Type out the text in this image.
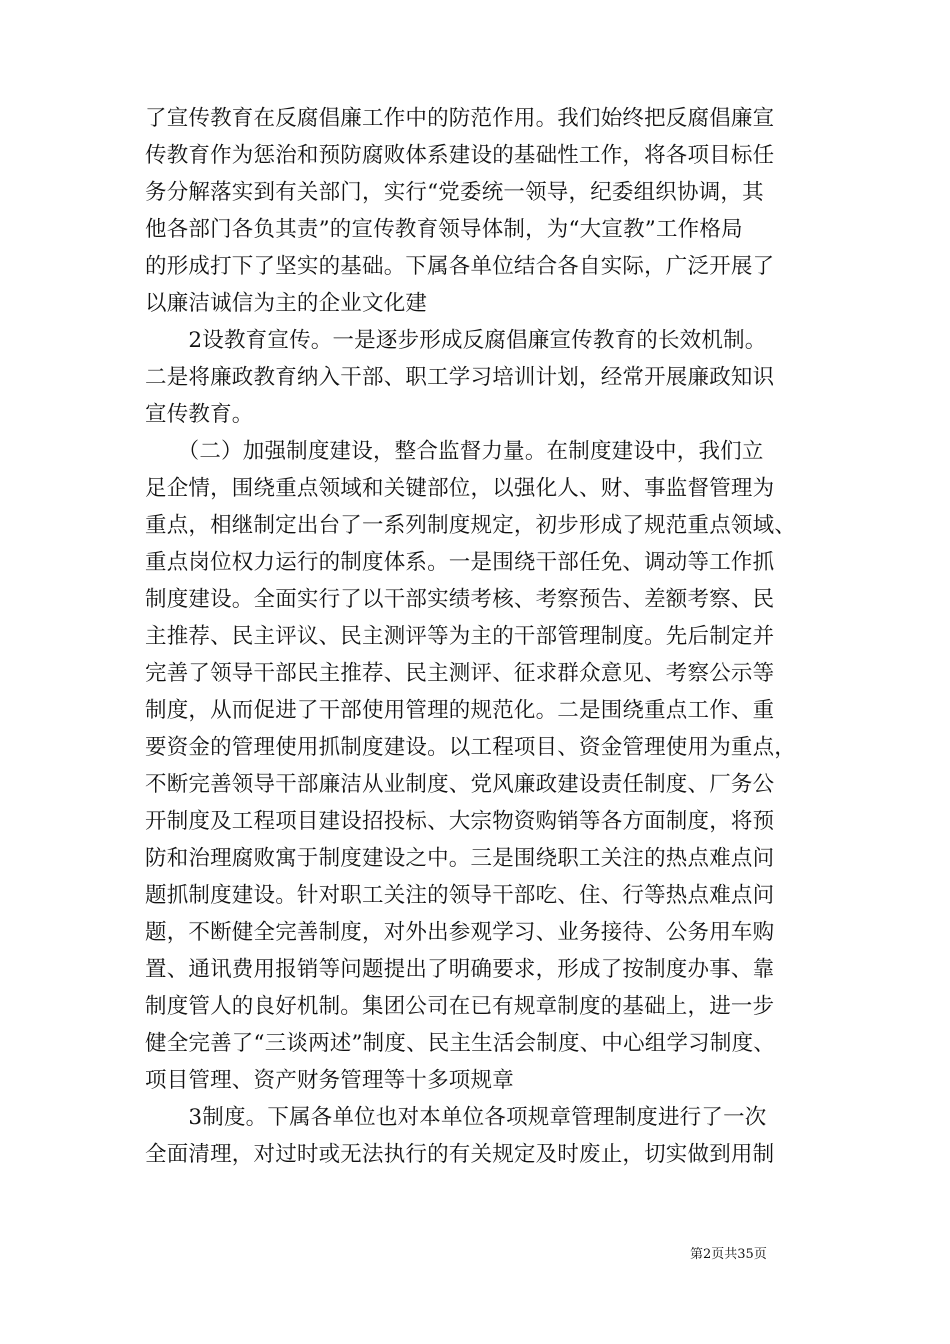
了宣传教育在反腐倡廉工作中的防范作用。我们始终把反腐倡廉宣
传教育作为惩治和预防腐败体系建设的基础性工作，将各项目标任
务分解落实到有关部门，实行“党委统一领导，纪委组织协调，其
他各部门各负其责”的宣传教育领导体制，为“大宣教”工作格局
的形成打下了坚实的基础。下属各单位结合各自实际，广泛开展了
以廉洁诚信为主的企业文化建
　　2设教育宣传。一是逐步形成反腐倡廉宣传教育的长效机制。
二是将廉政教育纳入干部、职工学习培训计划，经常开展廉政知识
宣传教育。
　　（二）加强制度建设，整合监督力量。在制度建设中，我们立
足企情，围绕重点领域和关键部位，以强化人、财、事监督管理为
重点，相继制定出台了一系列制度规定，初步形成了规范重点领域、
重点岗位权力运行的制度体系。一是围绕干部任免、调动等工作抓
制度建设。全面实行了以干部实绩考核、考察预告、差额考察、民
主推荐、民主评议、民主测评等为主的干部管理制度。先后制定并
完善了领导干部民主推荐、民主测评、征求群众意见、考察公示等
制度，从而促进了干部使用管理的规范化。二是围绕重点工作、重
要资金的管理使用抓制度建设。以工程项目、资金管理使用为重点，
不断完善领导干部廉洁从业制度、党风廉政建设责任制度、厂务公
开制度及工程项目建设招投标、大宗物资购销等各方面制度，将预
防和治理腐败寓于制度建设之中。三是围绕职工关注的热点难点问
题抓制度建设。针对职工关注的领导干部吃、住、行等热点难点问
题，不断健全完善制度，对外出参观学习、业务接待、公务用车购
置、通讯费用报销等问题提出了明确要求，形成了按制度办事、靠
制度管人的良好机制。集团公司在已有规章制度的基础上，进一步
健全完善了“三谈两述”制度、民主生活会制度、中心组学习制度、
项目管理、资产财务管理等十多项规章
　　3制度。下属各单位也对本单位各项规章管理制度进行了一次
全面清理，对过时或无法执行的有关规定及时废止，切实做到用制
第2页共35页
